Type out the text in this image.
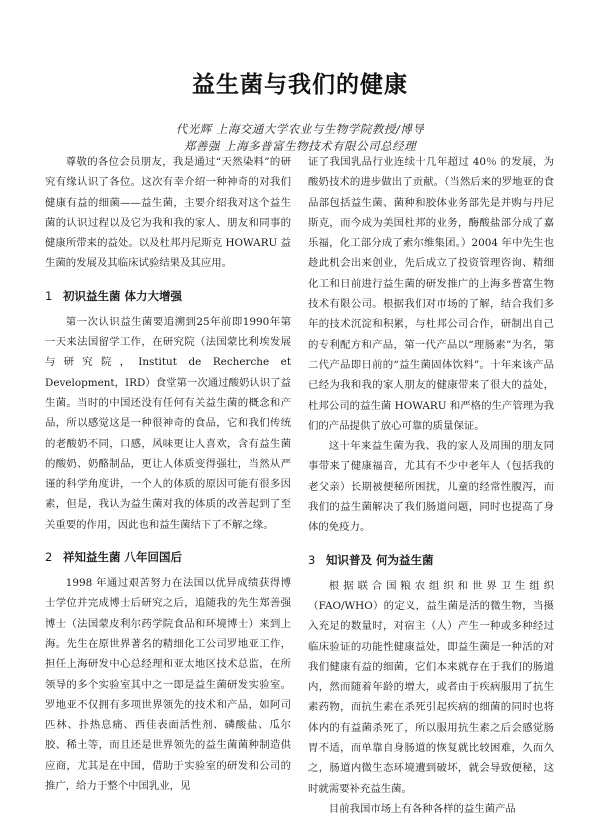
益生菌与我们的健康
代光辉 上海交通大学农业与生物学院教授/博导
郑善强 上海多普富生物技术有限公司总经理

尊敬的各位会员朋友，我是通过“天然染料”的研究有缘认识了各位。这次有幸介绍一种神奇的对我们健康有益的细菌——益生菌，主要介绍我对这个益生菌的认识过程以及它为我和我的家人、朋友和同事的健康所带来的益处。以及杜邦丹尼斯克 HOWARU 益生菌的发展及其临床试验结果及其应用。

1 初识益生菌 体力大增强

第一次认识益生菌要追溯到25年前即1990年第一天来法国留学工作，在研究院（法国蒙比利埃发展与研究院，Institut de Recherche et Development，IRD）食堂第一次通过酸奶认识了益生菌。当时的中国还没有任何有关益生菌的概念和产品，所以感觉这是一种很神奇的食品，它和我们传统的老酸奶不同，口感，风味更让人喜欢，含有益生菌的酸奶、奶酪制品，更让人体质变得强壮，当然从严谨的科学角度讲，一个人的体质的原因可能有很多因素，但是，我认为益生菌对我的体质的改善起到了至关重要的作用，因此也和益生菌结下了不解之缘。

2 祥知益生菌 八年回国后

1998 年通过艰苦努力在法国以优异成绩获得博士学位并完成博士后研究之后，追随我的先生郑善强博士（法国蒙皮利尔药学院食品和环境博士）来到上海。先生在原世界著名的精细化工公司罗地亚工作，担任上海研发中心总经理和亚太地区技术总监，在所领导的多个实验室其中之一即是益生菌研发实验室。罗地亚不仅拥有多项世界领先的技术和产品，如阿司匹林、扑热息痛、西佳表面活性剂、磷酸盐、瓜尔胶、稀土等，而且还是世界领先的益生菌菌种制造供应商，尤其是在中国，借助于实验室的研发和公司的推广，给力于整个中国乳业，见

证了我国乳品行业连续十几年超过 40％ 的发展，为酸奶技术的进步做出了贡献。（当然后来的罗地亚的食品部包括益生菌、菌种和胶体业务部先是并购与丹尼斯克，而今成为美国杜邦的业务，酶酸盐部分成了嘉乐福，化工部分成了索尔维集团。）2004 年中先生也趁此机会出来创业，先后成立了投资管理咨询、精细化工和日前进行益生菌的研发推广的上海多普富生物技术有限公司。根据我们对市场的了解，结合我们多年的技术沉淀和积累，与杜邦公司合作，研制出自己的专利配方和产品，第一代产品以“理肠素”为名，第二代产品即日前的“益生菌固体饮料”。十年来该产品已经为我和我的家人朋友的健康带来了很大的益处，杜邦公司的益生菌 HOWARU 和严格的生产管理为我们的产品提供了放心可靠的质量保证。

这十年来益生菌为我、我的家人及周围的朋友同事带来了健康福音，尤其有不少中老年人（包括我的老父亲）长期被便秘所困扰，儿童的经常性腹泻，而我们的益生菌解决了我们肠道问题，同时也提高了身体的免疫力。

3 知识普及 何为益生菌

根据联合国粮农组织和世界卫生组织（FAO/WHO）的定义，益生菌是活的微生物，当摄入充足的数量时，对宿主（人）产生一种或多种经过临床验证的功能性健康益处，即益生菌是一种活的对我们健康有益的细菌，它们本来就存在于我们的肠道内，然而随着年龄的增大，或者由于疾病服用了抗生素药物，而抗生素在杀死引起疾病的细菌的同时也将体内的有益菌杀死了，所以服用抗生素之后会感觉肠胃不适，而单靠自身肠道的恢复就比较困难，久而久之，肠道内微生态环境遭到破坏，就会导致便秘，这时就需要补充益生菌。

目前我国市场上有各种各样的益生菌产品
